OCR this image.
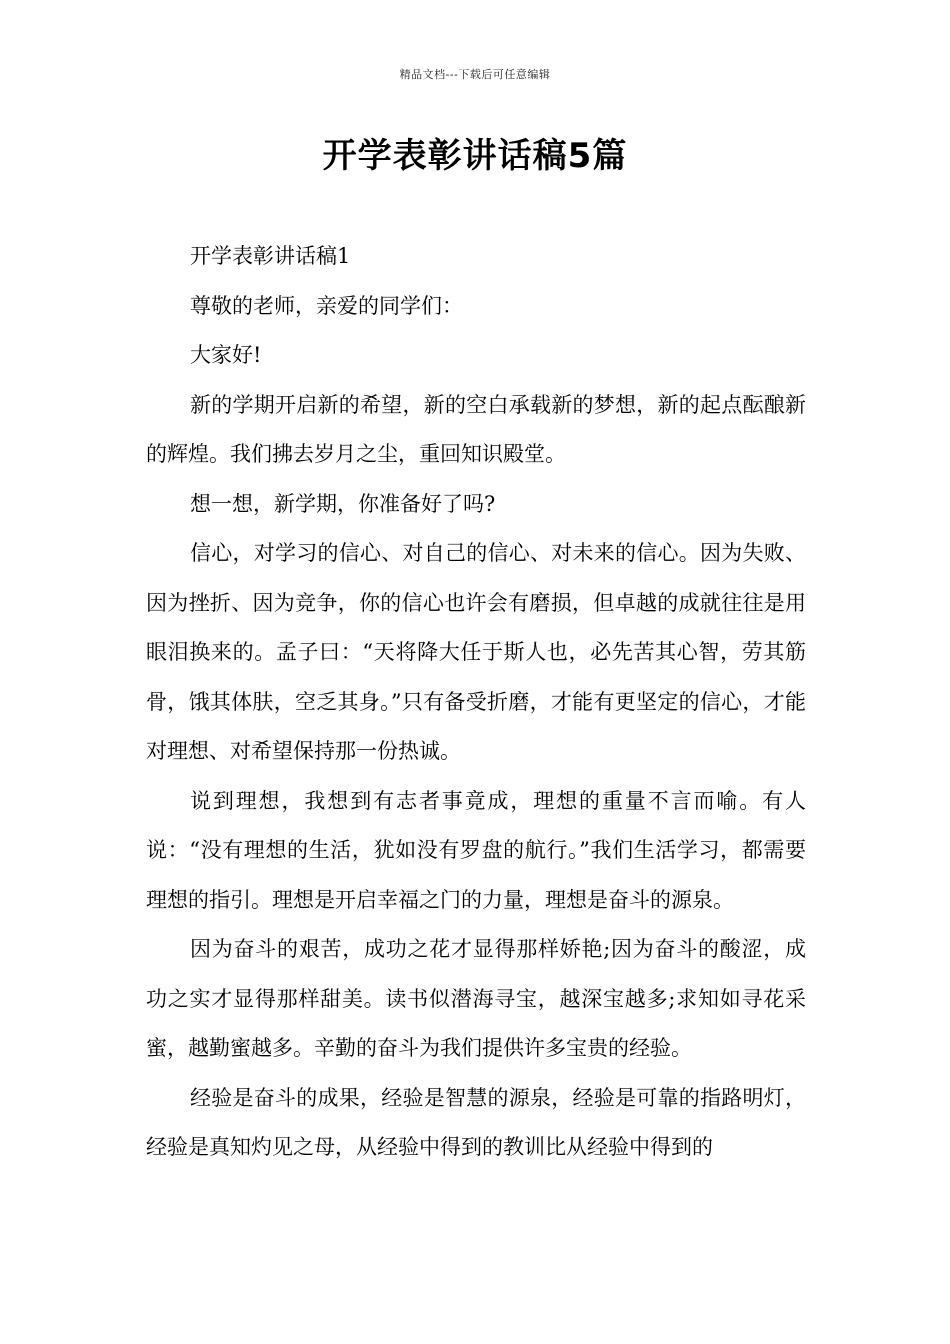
精品文档---下载后可任意编辑
开学表彰讲话稿5篇

开学表彰讲话稿1

尊敬的老师，亲爱的同学们：

大家好!

新的学期开启新的希望，新的空白承载新的梦想，新的起点酝酿新的辉煌。我们拂去岁月之尘，重回知识殿堂。

想一想，新学期，你准备好了吗?

信心，对学习的信心、对自己的信心、对未来的信心。因为失败、因为挫折、因为竞争，你的信心也许会有磨损，但卓越的成就往往是用眼泪换来的。孟子曰：“天将降大任于斯人也，必先苦其心智，劳其筋骨，饿其体肤，空乏其身。”只有备受折磨，才能有更坚定的信心，才能对理想、对希望保持那一份热诚。

说到理想，我想到有志者事竟成，理想的重量不言而喻。有人说：“没有理想的生活，犹如没有罗盘的航行。”我们生活学习，都需要理想的指引。理想是开启幸福之门的力量，理想是奋斗的源泉。

因为奋斗的艰苦，成功之花才显得那样娇艳;因为奋斗的酸涩，成功之实才显得那样甜美。读书似潜海寻宝，越深宝越多;求知如寻花采蜜，越勤蜜越多。辛勤的奋斗为我们提供许多宝贵的经验。

经验是奋斗的成果，经验是智慧的源泉，经验是可靠的指路明灯，经验是真知灼见之母，从经验中得到的教训比从经验中得到的
